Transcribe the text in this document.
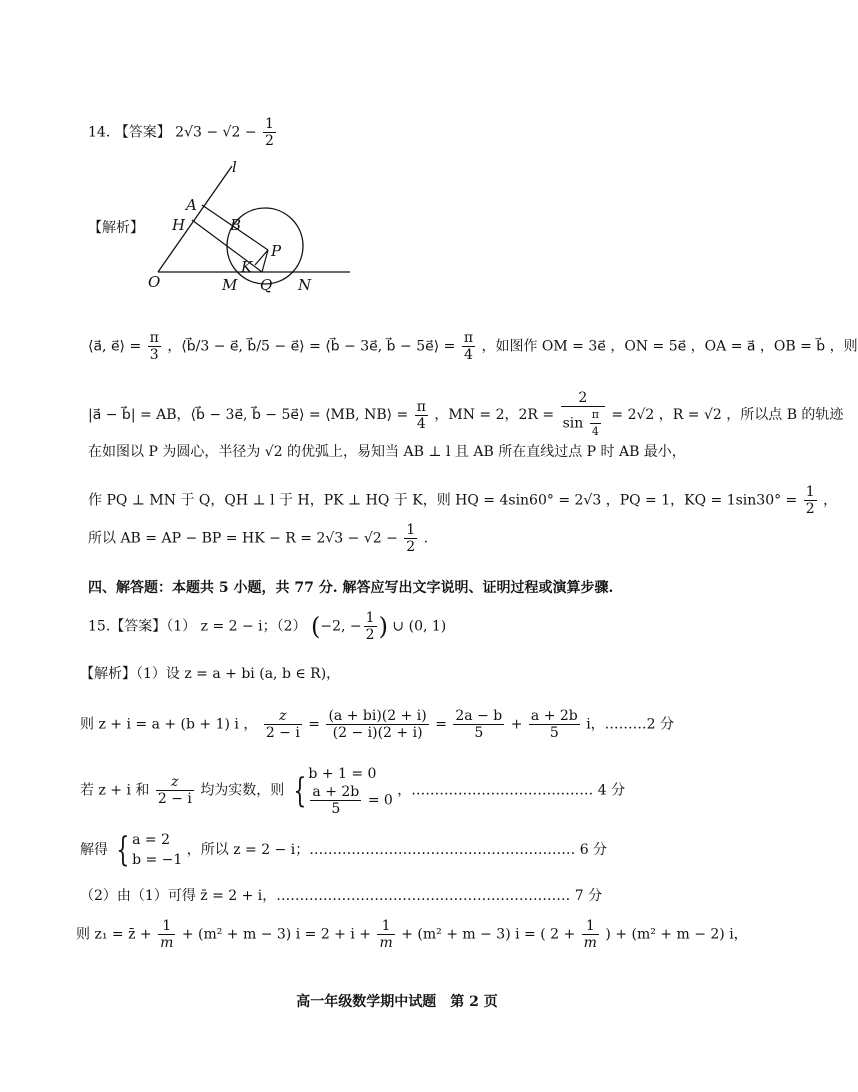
14. 【答案】 $2√3 - √2 - \frac{1}{2}$
【解析】
l
A
H	B
P
K
O	M Q N
⟨a⃗, e⃗⟩ = $\frac{\pi}{3}$ ，⟨b⃗/3 − e⃗, b⃗/5 − e⃗⟩ = ⟨b⃗ − 3e⃗, b⃗ − 5e⃗⟩ = $\frac{\pi}{4}$ ，如图作 OM = 3e⃗ ，ON = 5e⃗ ，OA = a⃗ ，OB = b⃗ ，则
|a⃗ − b⃗| = AB，⟨b⃗ − 3e⃗, b⃗ − 5e⃗⟩ = ⟨MB, NB⟩ = $\frac{\pi}{4}$ ，MN = 2，$2R = \frac{2}{\sin \frac{\pi}{4}} = 2√2$ ，R = √2 ，所以点 B 的轨迹
在如图以 P 为圆心，半径为 √2 的优弧上，易知当 AB ⊥ l 且 AB 所在直线过点 P 时 AB 最小，
作 PQ ⊥ MN 于 Q，QH ⊥ l 于 H，PK ⊥ HQ 于 K，则 HQ = 4sin60° = 2√3 ，PQ = 1，KQ = $1\sin 30^\circ = \frac{1}{2}$ ，
所以 AB = AP − BP = HK − $R = 2√3 - √2 - \frac{1}{2}$ .
四、解答题：本题共 5 小题，共 77 分. 解答应写出文字说明、证明过程或演算步骤.
15.【答案】（1） z = 2 − i；（2） (−2, − $\frac{1}{2}$ ) ∪ (0, 1)
【解析】（1）设 z = a + bi (a, b ∈ R)，
则 z + i = a + (b + 1) i ， $\frac{z}{2 - i} = \frac{(a + bi)(2 + i)}{(2 - i)(2 + i)} = \frac{2a - b}{5} + \frac{a + 2b}{5}$ i，………2 分
若 z + i 和 $\frac{z}{2 - i}$ 均为实数，则 { b + 1 = 0
$\frac{a + 2b}{5} = 0$
，………………………………… 4 分
解得 { a = 2
b = −1
，所以 z = 2 − i；………………………………………………… 6 分
（2）由（1）可得 z̄ = 2 + i，……………………………………………………… 7 分
则 z₁ = z̄ + $\frac{1}{m} + (m^2 + m - 3) i = 2 + i + \frac{1}{m} + (m^2 + m - 3) i$ = ( $2 + \frac{1}{m}$ ) + (m² + m − 2) i，
高一年级数学期中试题　第 2 页
